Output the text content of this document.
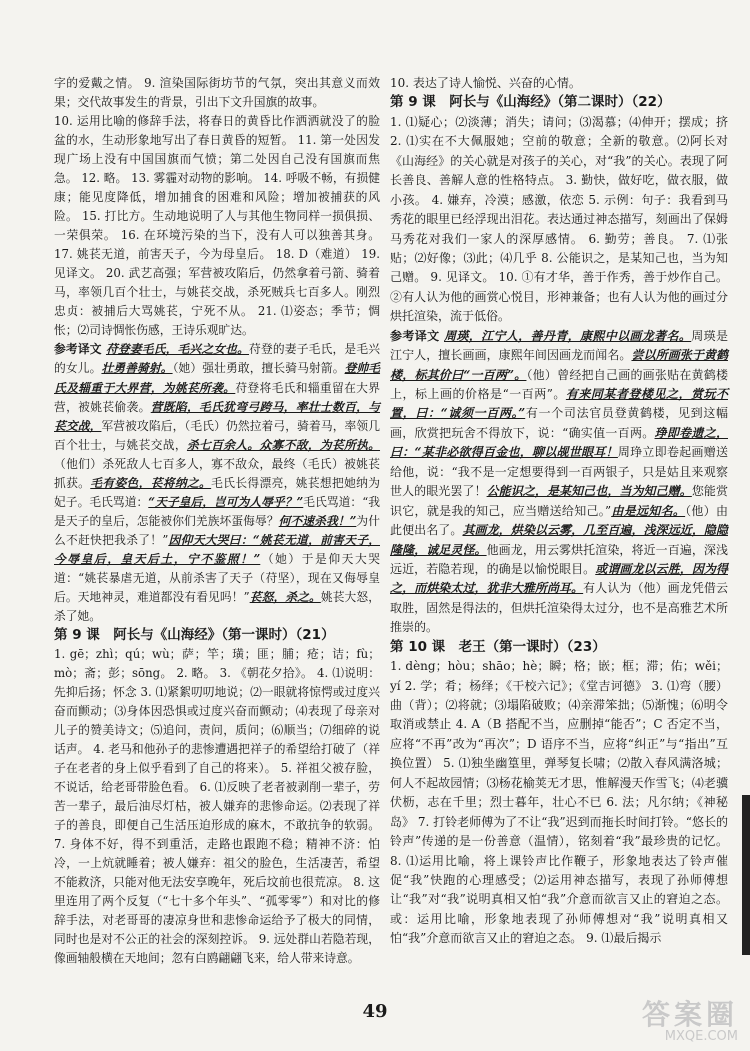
字的爱戴之情。 9. 渲染国际街坊节的气氛，突出其意义而效果；交代故事发生的背景，引出下文升国旗的故事。

10. 运用比喻的修辞手法，将春日的黄昏比作洒洒就没了的脸盆的水，生动形象地写出了春日黄昏的短暂。 11. 第一处因发现广场上没有中国国旗而气愤；第二处因自己没有国旗而焦急。 12. 略。 13. 雾霾对动物的影响。 14. 呼吸不畅，有损健康；能见度降低，增加捕食的困难和风险；增加被捕获的风险。 15. 打比方。生动地说明了人与其他生物同样一损俱损、一荣俱荣。 16. 在环境污染的当下，没有人可以独善其身。 17. 姚苌无道，前害天子，今为母皇后。 18. D（难道） 19. 见译文。 20. 武艺高强；军营被攻陷后，仍然拿着弓箭、骑着马，率领几百个壮士，与姚苌交战，杀死贼兵七百多人。刚烈忠贞：被捕后大骂姚苌，宁死不从。 21. ⑴姿态；季节；惆怅；⑵司诗惆怅伤感，王诗乐观旷达。

参考译文 苻登妻毛氏，毛兴之女也。苻登的妻子毛氏，是毛兴的女儿。壮勇善骑射。（她）强壮勇敢，擅长骑马射箭。登帅毛氏及辎重于大界营，为姚苌所袭。苻登将毛氏和辎重留在大界营，被姚苌偷袭。营既陷，毛氏犹弯弓跨马，率壮士数百，与苌交战，军营被攻陷后，（毛氏）仍然拉着弓，骑着马，率领几百个壮士，与姚苌交战，杀七百余人。众寡不敌，为苌所执。（他们）杀死敌人七百多人，寡不敌众，最终（毛氏）被姚苌抓获。毛有姿色，苌将纳之。毛氏长得漂亮，姚苌想把她纳为妃子。毛氏骂道：“天子皇后，岂可为人辱乎？”毛氏骂道：“我是天子的皇后，怎能被你们羌族坏蛋侮辱？何不速杀我！”为什么不赶快把我杀了！”因仰天大哭曰：“姚苌无道，前害天子，今辱皇后，皇天后土，宁不鉴照！”（她）于是仰天大哭道：“姚苌暴虐无道，从前杀害了天子（苻坚），现在又侮辱皇后。天地神灵，难道都没有看见吗！”苌怒，杀之。姚苌大怒，杀了她。

第 9 课　阿长与《山海经》（第一课时）（21）

1. gē；zhì；qú；wù；萨；竿；璜；匪；脯；疮；诘；fù；mò；斋；彭；sōng。 2. 略。 3. 《朝花夕拾》。 4. ⑴说明：先抑后扬；怀念 3. ⑴紧絮叨叨地说；⑵一眼就将惊愕或过度兴奋而颤动；⑶身体因恐惧或过度兴奋而颤动；⑷表现了母亲对儿子的赞美诗文；⑸追问，责问，质问；⑹顺当；⑺细碎的说话声。 4. 老马和他孙子的悲惨遭遇把祥子的希望给打破了（祥子在老者的身上似乎看到了自己的将来）。 5. 祥祖父被存脸，不说话，给老哥带脸色看。 6. ⑴反映了老者被剥削一辈子，劳苦一辈子，最后油尽灯枯，被人嫌弃的悲惨命运。⑵表现了祥子的善良，即便自己生活压迫形成的麻木，不敢抗争的软弱。 7. 身体不好，得不到重活，走路也跟跑不稳；精神不济：怕冷，一上炕就睡着；被人嫌弃：祖父的脸色，生活凄苦，希望不能救济，只能对他无法安享晚年，死后坟前也很荒凉。 8. 这里连用了两个反复（“七十多个年头”、“孤零零”）和对比的修辞手法，对老哥哥的凄凉身世和悲惨命运给予了极大的同情，同时也是对不公正的社会的深刻控诉。 9. 远处群山若隐若现，像画轴般横在天地间；忽有白鸥翩翩飞来，给人带来诗意。

10. 表达了诗人愉悦、兴奋的心情。

第 9 课　阿长与《山海经》（第二课时）（22）

1. ⑴疑心；⑵淡薄；消失；请问；⑶渴慕；⑷伸开；摆成；挤 2. ⑴实在不大佩服她；空前的敬意；全新的敬意。⑵阿长对《山海经》的关心就是对孩子的关心，对“我”的关心。表现了阿长善良、善解人意的性格特点。 3. 勤快，做好吃，做衣服，做小孩。 4. 嫌弃，冷漠；感激，依恋 5. 示例：句子：我看到马秀花的眼里已经浮现出泪花。表达通过神态描写，刻画出了保姆马秀花对我们一家人的深厚感情。 6. 勤劳；善良。 7. ⑴张贴；⑵好像；⑶此；⑷几乎 8. 公能识之，是某知己也，当为知己赠。 9. 见译文。 10. ①有才华，善于作秀，善于炒作自己。②有人认为他的画赏心悦目，形神兼备；也有人认为他的画过分烘托渲染，流于低俗。

参考译文 周瑛，江宁人，善丹青，康熙中以画龙著名。周瑛是江宁人，擅长画画，康熙年间因画龙而闻名。尝以所画张于黄鹤楼，标其价曰“一百两”。（他）曾经把自己画的画张贴在黄鹤楼上，标上画的价格是“一百两”。有来同某者登楼见之，赏玩不置，曰：“诚须一百两。”有一个司法官员登黄鹤楼，见到这幅画，欣赏把玩舍不得放下，说：“确实值一百两。琤即卷遗之，曰：“某非必欲得百金也，聊以觇世眼耳！周琤立即卷起画赠送给他，说：“我不是一定想要得到一百两银子，只是姑且来观察世人的眼光罢了！公能识之，是某知己也，当为知己赠。您能赏识它，就是我的知己，应当赠送给知己。”由是远知名。（他）由此便出名了。其画龙，烘染以云雾，几至百遍，浅深远近，隐隐隆隆，诚足灵怪。他画龙，用云雾烘托渲染，将近一百遍，深浅远近，若隐若现，的确是以愉悦眼目。或谓画龙以云胜，因为得之，而烘染太过，犹非大雅所尚耳。有人认为（他）画龙凭借云取胜，固然是得法的，但烘托渲染得太过分，也不是高雅艺术所推崇的。

第 10 课　老王（第一课时）（23）

1. dèng；hòu；shāo；hè；瞬；格；嵌；框；滞；佑；wěi；yí 2. 学；肴；杨绎；《干校六记》；《堂吉诃德》 3. ⑴弯（腰）曲（背）；⑵将就；⑶塌陷破败；⑷亲滞笨拙；⑸渐愧；⑹明令取消或禁止 4. A（B 搭配不当，应删掉“能否”；C 否定不当，应将“不再”改为“再次”；D 语序不当，应将“纠正”与“指出”互换位置） 5. ⑴独坐幽篁里，弹琴复长啸；⑵散入春风满洛城；何人不起故园情；⑶杨花榆荚无才思，惟解漫天作雪飞；⑷老骥伏枥，志在千里；烈士暮年，壮心不已 6. 法；凡尔纳；《神秘岛》 7. 打铃老师傅为了不让“我”迟到而拖长时间打铃。“悠长的铃声”传递的是一份善意（温情），铭刻着“我”最珍贵的记忆。 8. ⑴运用比喻，将上课铃声比作鞭子，形象地表达了铃声催促“我”快跑的心理感受；⑵运用神态描写，表现了孙师傅想让“我”对“我”说明真相又怕“我”介意而欲言又止的窘迫之态。或：运用比喻，形象地表现了孙师傅想对“我”说明真相又怕“我”介意而欲言又止的窘迫之态。 9. ⑴最后揭示

49	答案圈
MXQE.COM
